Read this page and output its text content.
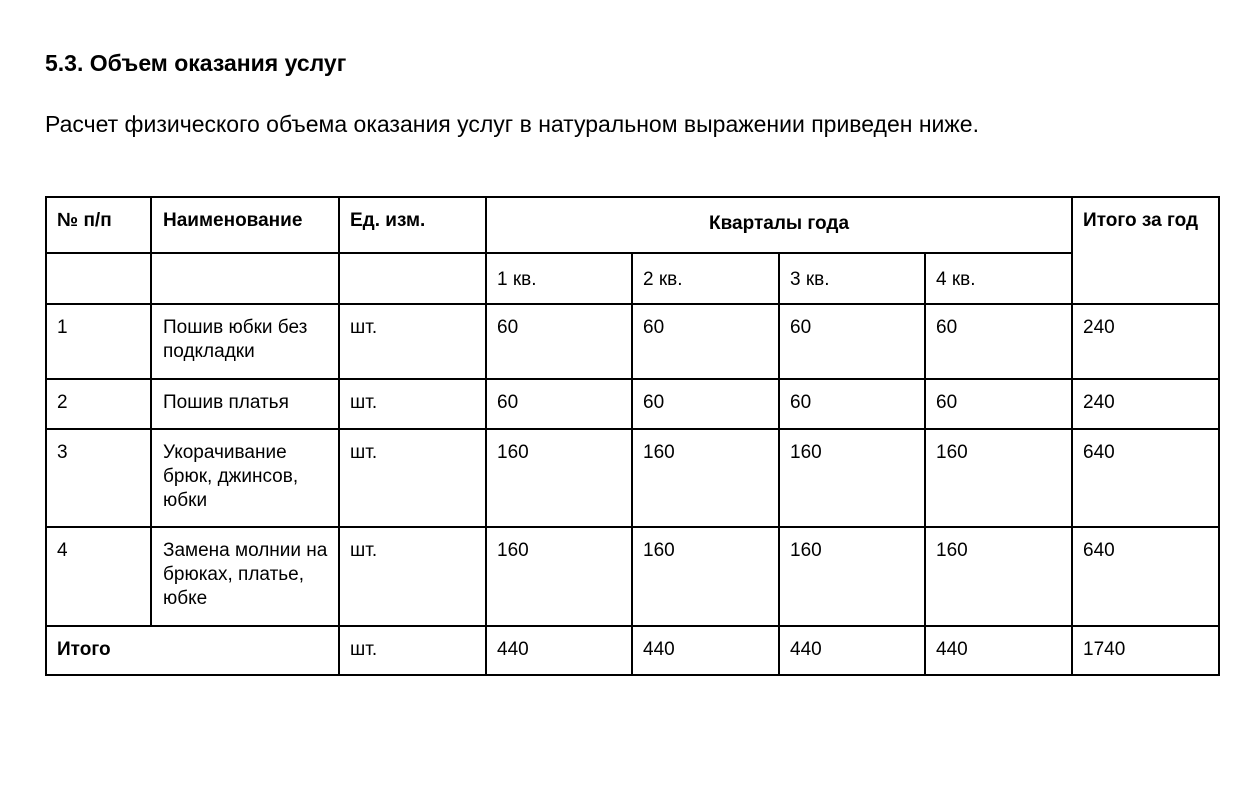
5.3. Объем оказания услуг
Расчет физического объема оказания услуг в натуральном выражении приведен ниже.
№ п/п	Наименование	Ед. изм.	Кварталы года				Итого за год
			1 кв.	2 кв.	3 кв.	4 кв.	
1	Пошив юбки без подкладки	шт.	60	60	60	60	240
2	Пошив платья	шт.	60	60	60	60	240
3	Укорачивание брюк, джинсов, юбки	шт.	160	160	160	160	640
4	Замена молнии на брюках, платье, юбке	шт.	160	160	160	160	640
Итого		шт.	440	440	440	440	1740
